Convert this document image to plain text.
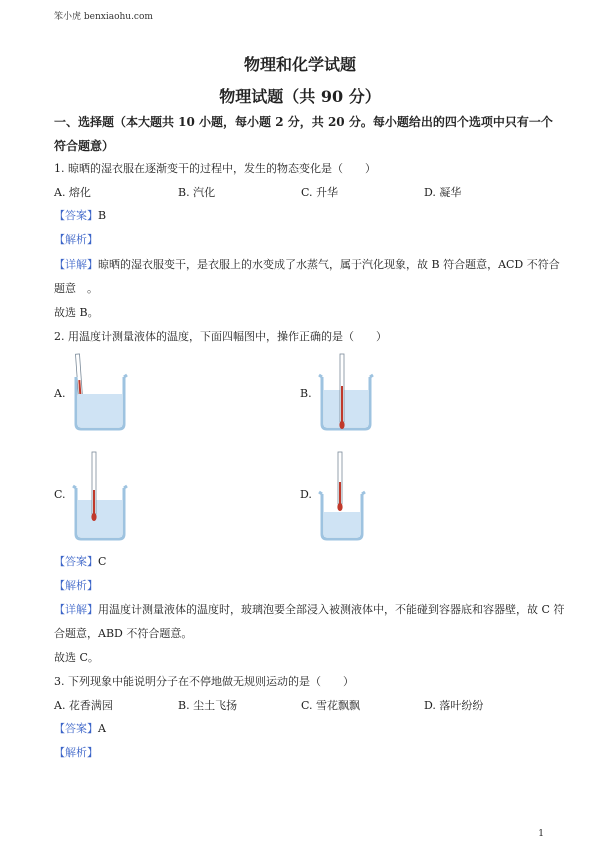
笨小虎 benxiaohu.com
物理和化学试题
物理试题（共 90 分）
一、选择题（本大题共 10 小题，每小题 2 分，共 20 分。每小题给出的四个选项中只有一个
符合题意）
1. 晾晒的湿衣服在逐渐变干的过程中，发生的物态变化是（　　）
A. 熔化	B. 汽化	C. 升华	D. 凝华
【答案】B
【解析】
【详解】晾晒的湿衣服变干，是衣服上的水变成了水蒸气，属于汽化现象，故 B 符合题意，ACD 不符合
题意　。
故选 B。
2. 用温度计测量液体的温度，下面四幅图中，操作正确的是（　　）
A.	B.
C.	D.
【答案】C
【解析】
【详解】用温度计测量液体的温度时，玻璃泡要全部浸入被测液体中，不能碰到容器底和容器壁，故 C 符
合题意，ABD 不符合题意。
故选 C。
3. 下列现象中能说明分子在不停地做无规则运动的是（　　）
A. 花香满园	B. 尘土飞扬	C. 雪花飘飘	D. 落叶纷纷
【答案】A
【解析】
1
